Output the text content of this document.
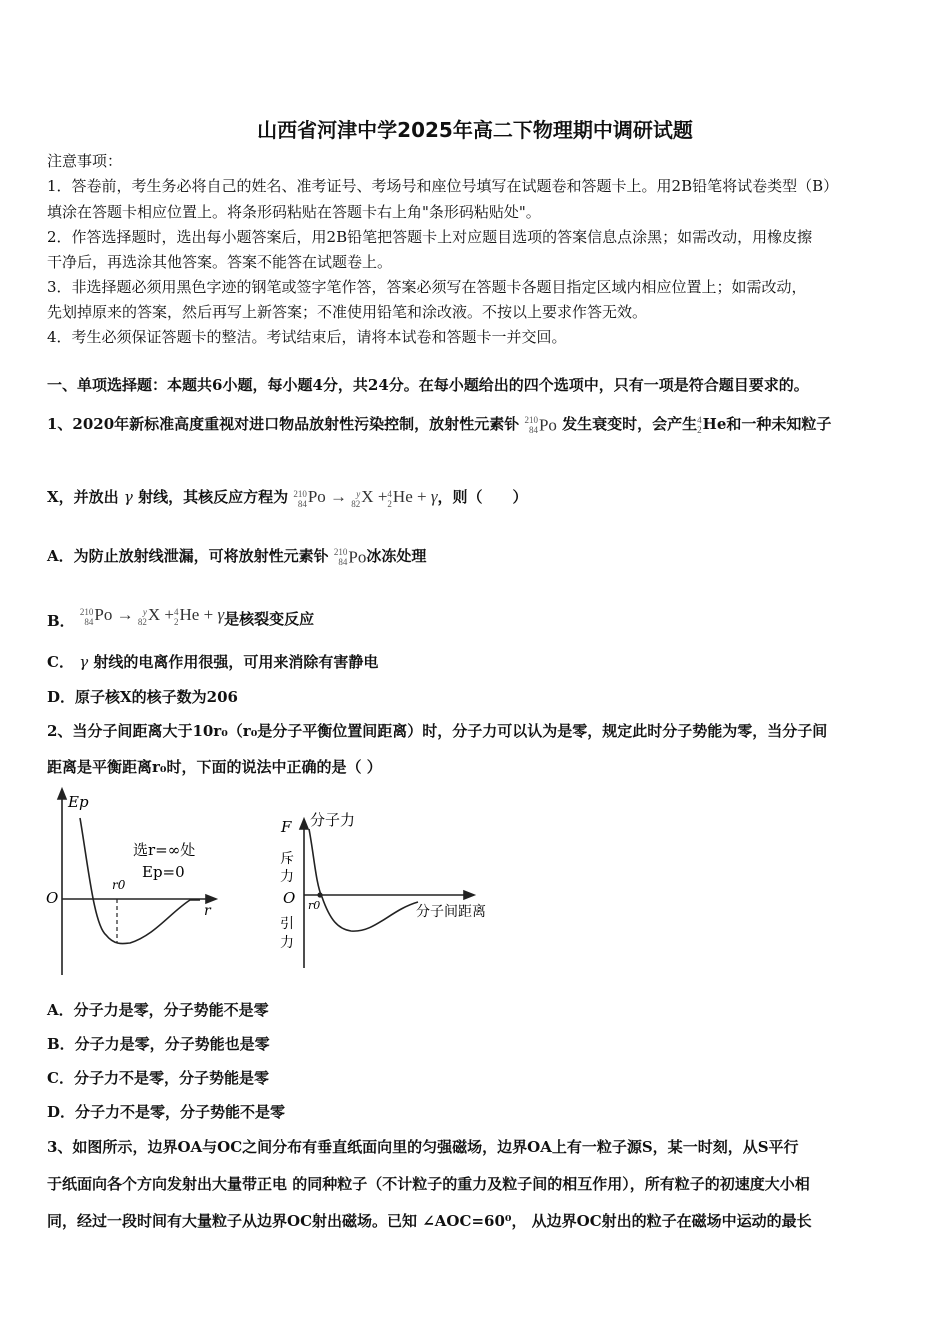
山西省河津中学2025年高二下物理期中调研试题
注意事项：
1．答卷前，考生务必将自己的姓名、准考证号、考场号和座位号填写在试题卷和答题卡上。用2B铅笔将试卷类型（B）
填涂在答题卡相应位置上。将条形码粘贴在答题卡右上角"条形码粘贴处"。
2．作答选择题时，选出每小题答案后，用2B铅笔把答题卡上对应题目选项的答案信息点涂黑；如需改动，用橡皮擦
干净后，再选涂其他答案。答案不能答在试题卷上。
3．非选择题必须用黑色字迹的钢笔或签字笔作答，答案必须写在答题卡各题目指定区域内相应位置上；如需改动，
先划掉原来的答案，然后再写上新答案；不准使用铅笔和涂改液。不按以上要求作答无效。
4．考生必须保证答题卡的整洁。考试结束后，请将本试卷和答题卡一并交回。
一、单项选择题：本题共6小题，每小题4分，共24分。在每小题给出的四个选项中，只有一项是符合题目要求的。
1、2020年新标准高度重视对进口物品放射性污染控制，放射性元素钋 210
84 Po 发生衰变时，会产生 4
2 He和一种未知粒子
X，并放出 γ 射线，其核反应方程为 210
84 Po →	y
82 X + 4
2 He + γ，则（　　）
A．为防止放射线泄漏，可将放射性元素钋 210
84 Po冰冻处理
B．
210
84 Po →	y
82 X + 4
2 He + γ是核裂变反应
C． γ 射线的电离作用很强，可用来消除有害静电
D．原子核X的核子数为206
2、当分子间距离大于10r₀（r₀是分子平衡位置间距离）时，分子力可以认为是零，规定此时分子势能为零，当分子间
距离是平衡距离r₀时，下面的说法中正确的是（ ）
Ep
O
r
r0
选r=∞处
Ep=0
F 分子力
斥
力
O r0	分子间距离
引
力
A．分子力是零，分子势能不是零
B．分子力是零，分子势能也是零
C．分子力不是零，分子势能是零
D．分子力不是零，分子势能不是零
3、如图所示，边界OA与OC之间分布有垂直纸面向里的匀强磁场，边界OA上有一粒子源S，某一时刻，从S平行
于纸面向各个方向发射出大量带正电 的同种粒子（不计粒子的重力及粒子间的相互作用），所有粒子的初速度大小相
同，经过一段时间有大量粒子从边界OC射出磁场。已知 ∠AOC=60⁰， 从边界OC射出的粒子在磁场中运动的最长
